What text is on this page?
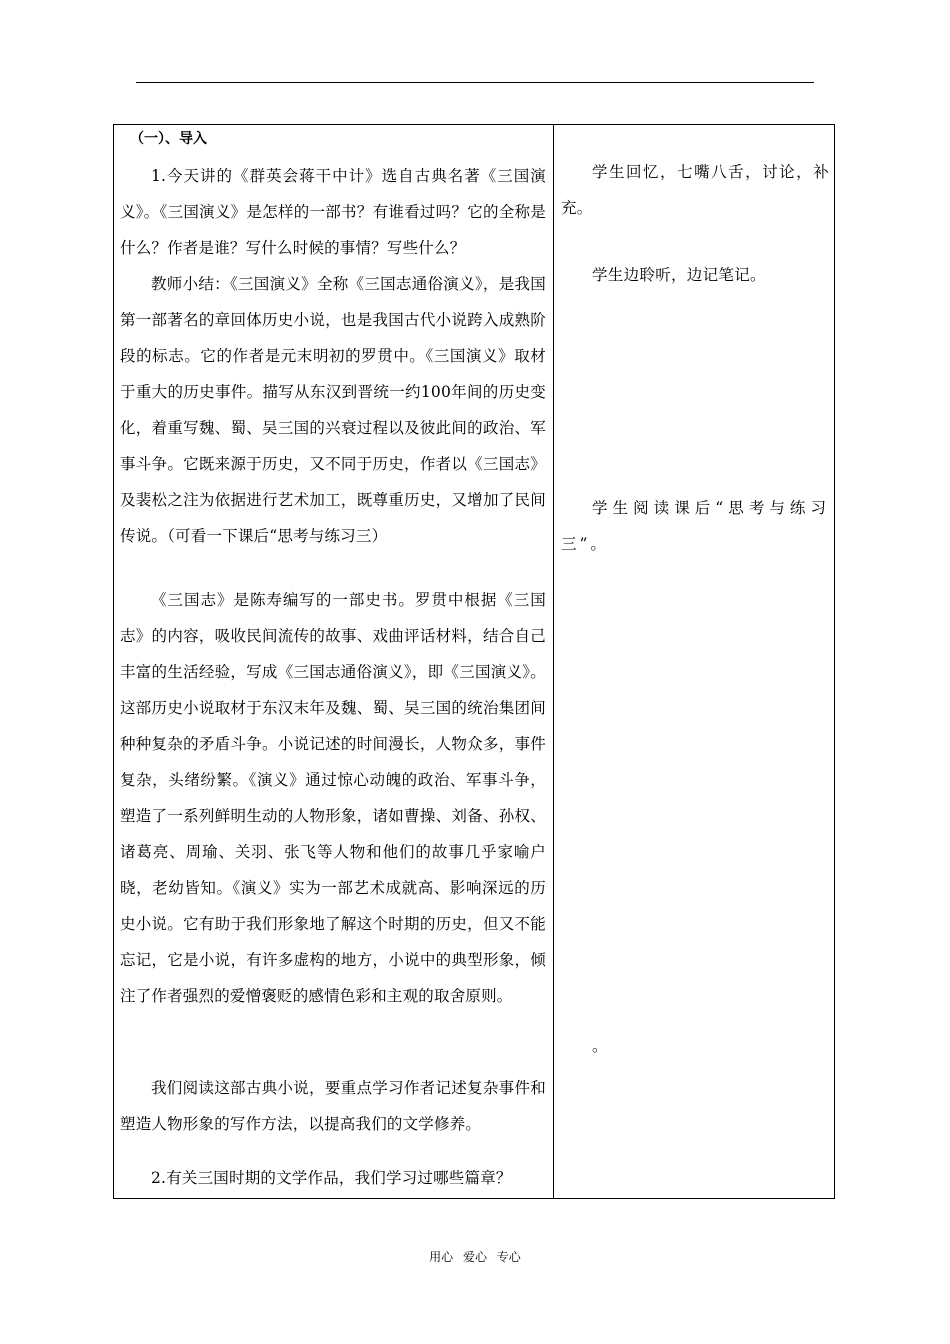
（一）、导入

1.今天讲的《群英会蒋干中计》选自古典名著《三国演义》。《三国演义》是怎样的一部书？有谁看过吗？它的全称是什么？作者是谁？写什么时候的事情？写些什么？

教师小结：《三国演义》全称《三国志通俗演义》，是我国第一部著名的章回体历史小说，也是我国古代小说跨入成熟阶段的标志。它的作者是元末明初的罗贯中。《三国演义》取材于重大的历史事件。描写从东汉到晋统一约100年间的历史变化，着重写魏、蜀、吴三国的兴衰过程以及彼此间的政治、军事斗争。它既来源于历史，又不同于历史，作者以《三国志》及裴松之注为依据进行艺术加工，既尊重历史，又增加了民间传说。（可看一下课后“思考与练习三）

《三国志》是陈寿编写的一部史书。罗贯中根据《三国志》的内容，吸收民间流传的故事、戏曲评话材料，结合自己丰富的生活经验，写成《三国志通俗演义》，即《三国演义》。这部历史小说取材于东汉末年及魏、蜀、吴三国的统治集团间种种复杂的矛盾斗争。小说记述的时间漫长，人物众多，事件复杂，头绪纷繁。《演义》通过惊心动魄的政治、军事斗争，塑造了一系列鲜明生动的人物形象，诸如曹操、刘备、孙权、诸葛亮、周瑜、关羽、张飞等人物和他们的故事几乎家喻户晓，老幼皆知。《演义》实为一部艺术成就高、影响深远的历史小说。它有助于我们形象地了解这个时期的历史，但又不能忘记，它是小说，有许多虚构的地方，小说中的典型形象，倾注了作者强烈的爱憎褒贬的感情色彩和主观的取舍原则。

我们阅读这部古典小说，要重点学习作者记述复杂事件和塑造人物形象的写作方法，以提高我们的文学修养。

2.有关三国时期的文学作品，我们学习过哪些篇章？

学生回忆，七嘴八舌，讨论，补充。

学生边聆听，边记笔记。

学生阅读课后“思考与练习三”。

。

用心 爱心 专心
